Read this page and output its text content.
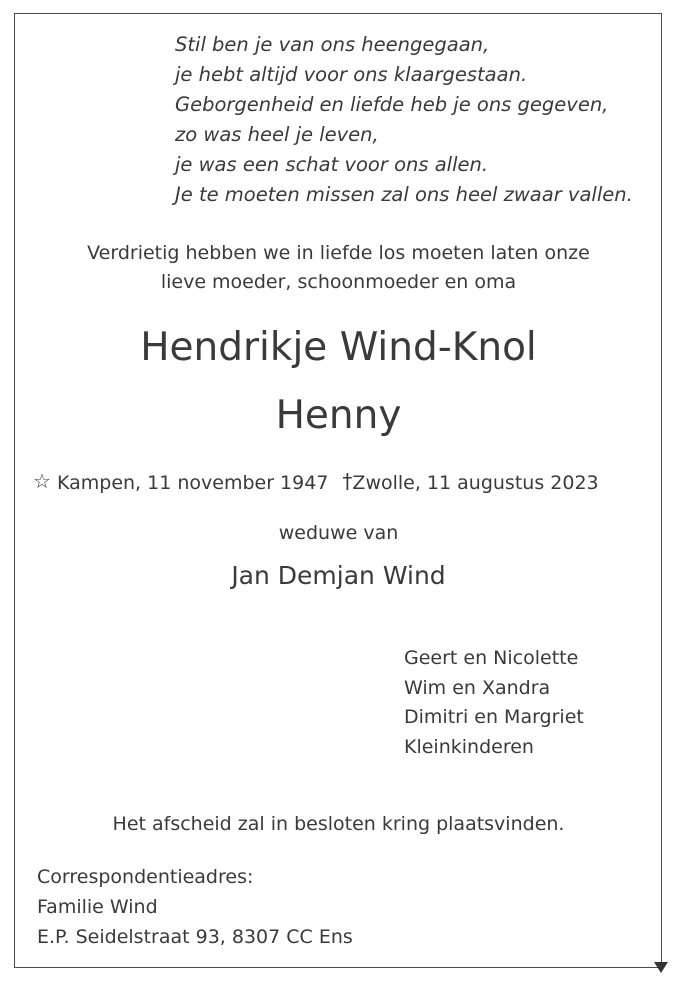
Stil ben je van ons heengegaan,
je hebt altijd voor ons klaargestaan.
Geborgenheid en liefde heb je ons gegeven,
zo was heel je leven,
je was een schat voor ons allen.
Je te moeten missen zal ons heel zwaar vallen.
Verdrietig hebben we in liefde los moeten laten onze
lieve moeder, schoonmoeder en oma
Hendrikje Wind-Knol
Henny
☆ Kampen, 11 november 1947 †Zwolle, 11 augustus 2023
weduwe van
Jan Demjan Wind
Geert en Nicolette
Wim en Xandra
Dimitri en Margriet
Kleinkinderen
Het afscheid zal in besloten kring plaatsvinden.
Correspondentieadres:
Familie Wind
E.P. Seidelstraat 93, 8307 CC Ens
